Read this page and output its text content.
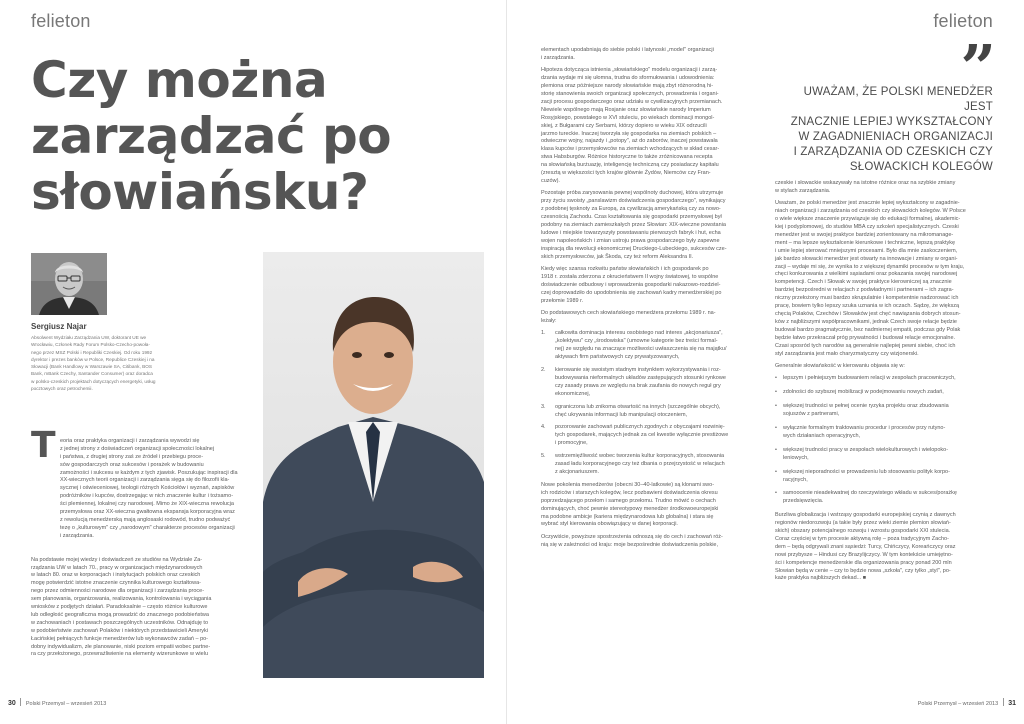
felieton
Czy można
zarządzać po
słowiańsku?
Sergiusz Najar
Absolwent Wydziału Zarządzania UW, doktorant UE we
Wrocławiu, Członek Rady Forum Polsko-Czecho-powoła-
nego przez MSZ Polski i Republiki Czeskiej. Od roku 1992
dyrektor i prezes banków w Polsce, Republice Czeskiej i na
Słowacji (Bank Handlowy w Warszawie SA, Citibank, BOS
Bank, mBank Czechy, Santander Consumer) oraz doradca
w polsko-czeskich projektach dotyczących energetyki, usług
pocztowych oraz petrochemii.
T eoria oraz praktyka organizacji i zarządzania wywodzi się
z jednej strony z doświadczeń organizacji społeczności lokalnej
i państwa, z drugiej strony zaś ze źródeł i przebiegu proce-
sów gospodarczych oraz sukcesów i porażek w budowaniu
zamożności i sukcesu w każdym z tych zjawisk. Poszukując inspiracji dla
XX-wiecznych teorii organizacji i zarządzania sięga się do filozofii kla-
sycznej i oświeceniowej, teologii różnych Kościołów i wyznań, zapisków
podróżników i kupców, dostrzegając w nich znaczenie kultur i tożsamo-
ści plemiennej, lokalnej czy narodowej. Mimo że XIX-wieczna rewolucja
przemysłowa oraz XX-wieczna gwałtowna ekspansja korporacyjna wraz
z rewolucją menedżerską mają anglosaski rodowód, trudno podważyć
tezę o „kulturowym" czy „narodowym" charakterze procesów organizacji
i zarządzania.

Na podstawie mojej wiedzy i doświadczeń ze studiów na Wydziale Za-
rządzania UW w latach 70., pracy w organizacjach międzynarodowych
w latach 80. oraz w korporacjach i instytucjach polskich oraz czeskich
mogę potwierdzić istotne znaczenie czynnika kulturowego kształtowa-
nego przez odmienności narodowe dla organizacji i zarządzania proce-
sem planowania, organizowania, realizowania, kontrolowania i wyciągania
wniosków z podjętych działań. Paradoksalnie – często różnice kulturowe
lub odległość geograficzna mogą prowadzić do znacznego podobieństwa
w zachowaniach i postawach poszczególnych uczestników. Odnajduję to
w podobieństwie zachowań Polaków i niektórych przedstawicieli Ameryki
Łacińskiej pełniących funkcje menedżerów lub wykonawców zadań – po-
dobny indywidualizm, złe planowanie, niski poziom empatii wobec partne-
ra czy przełożonego, przewrażliwienie na elementy wizerunkowe w wielu
30 Polski Przemysł – wrzesień 2013
felieton
elementach upodabniają do siebie polski i latynoski „model" organizacji
i zarządzania.
Hipoteza dotycząca istnienia „słowiańskiego" modelu organizacji i zarzą-
dzania wydaje mi się ułomna, trudna do sformułowania i udowodnienia:
plemiona oraz późniejsze narody słowiańskie mają zbyt różnorodną hi-
storię stanowienia swoich organizacji społecznych, prowadzenia i organi-
zacji procesu gospodarczego oraz udziału w cywilizacyjnych przemianach.
Niewiele wspólnego mają Rosjanie oraz słowiańskie narody Imperium
Rosyjskiego, powstałego w XVI stuleciu, po wiekach dominacji mongol-
skiej, z Bułgarami czy Serbami, którzy dopiero w wieku XIX odrzucili
jarzmo tureckie. Inaczej tworzyła się gospodarka na ziemiach polskich –
odwieczne wojny, najazdy i „potopy", aż do zaborów, inaczej powstawała
klasa kupców i przemysłowców na ziemiach wchodzących w skład cesar-
stwa Habsburgów. Różnice historyczne to także zróżnicowana recepta
na słowiańską burżuazję, inteligencję techniczną czy posiadaczy kapitału
(zresztą w większości tych krajów głównie Żydów, Niemców czy Fran-
cuzów).
Pozostaje próba zarysowania pewnej wspólnoty duchowej, która utrzymuje
przy życiu swoisty „panslawizm doświadczenia gospodarczego", wynikający
z podobnej tęsknoty za Europą, za cywilizacją amerykańską czy za nowo-
czesnością Zachodu. Czas kształtowania się gospodarki przemysłowej był
podobny na ziemiach zamieszkałych przez Słowian: XIX-wieczne powstania
ludowe i miejskie towarzyszyły powstawaniu pierwszych fabryk i hut, echa
wojen napoleońskich i zmian ustroju prawa gospodarczego były zapewne
inspiracją dla rewolucji ekonomicznej Druckiego-Lubeckiego, sukcesów cze-
skich przemysłowców, jak Škoda, czy też reform Aleksandra II.
Kiedy więc szansa rozkwitu państw słowiańskich i ich gospodarek po
1918 r. została zderzona z okrucieństwem II wojny światowej, to wspólne
doświadczenie odbudowy i wprowadzenia gospodarki nakazowo-rozdziel-
czej doprowadziło do upodobnienia się zachowań kadry menedżerskiej po
przełomie 1989 r.
Do podstawowych cech słowiańskiego menedżera przełomu 1989 r. na-
leżały:
1.	całkowita dominacja interesu osobistego nad interes „akcjonariusza",
„kolektywu" czy „środowiska" (umowne kategorie bez treści formal-
nej) ze względu na znaczące możliwości uwłaszczenia się na majątku/
aktywach firm państwowych czy prywatyzowanych,
2.	kierowanie się swoistym stadnym instynktem wykorzystywania i roz-
budowywania nieformalnych układów zastępujących stosunki rynkowe
czy zasady prawa ze względu na brak zaufania do nowych reguł gry
ekonomicznej,
3.	ograniczona lub znikoma otwartość na innych (szczególnie obcych),
chęć ukrywania informacji lub manipulacji otoczeniem,
4.	pozorowanie zachowań publicznych zgodnych z obyczajami rozwinię-
tych gospodarek, mających jednak za cel kwestie wyłącznie prestiżowe
i promocyjne,
5.	wstrzemięźliwość wobec tworzenia kultur korporacyjnych, stosowania
zasad ładu korporacyjnego czy też dbania o przejrzystość w relacjach
z akcjonariuszem.
Nowe pokolenia menedżerów (obecni 30–40-latkowie) są klonami swo-
ich rodziców i starszych kolegów, lecz pozbawieni doświadczenia okresu
poprzedzającego przełom i samego przełomu. Trudno mówić o cechach
dominujących, choć pewnie stereotypowy menedżer środkowoeuropejski
ma podobne ambicje (kariera międzynarodowa lub globalna) i stara się
wybrać styl kierowania obowiązujący w danej korporacji.
Oczywiście, powyższe spostrzeżenia odnoszą się do cech i zachowań róż-
nią się w zależności od kraju: moje bezpośrednie doświadczenia polskie,
”
UWAŻAM, ŻE POLSKI MENEDŻER JEST
ZNACZNIE LEPIEJ WYKSZTAŁCONY
W ZAGADNIENIACH ORGANIZACJI
I ZARZĄDZANIA OD CZESKICH CZY
SŁOWACKICH KOLEGÓW
czeskie i słowackie wskazywały na istotne różnice oraz na szybkie zmiany
w stylach zarządzania.
Uważam, że polski menedżer jest znacznie lepiej wykształcony w zagadnie-
niach organizacji i zarządzania od czeskich czy słowackich kolegów. W Polsce
o wiele większe znaczenie przywiązuje się do edukacji formalnej, akademic-
kiej i podyplomowej, do studiów MBA czy szkoleń specjalistycznych. Czeski
menedżer jest w swojej praktyce bardziej zorientowany na mikromanage-
ment – ma lepsze wykształcenie kierunkowe i techniczne, lepszą praktykę
i umie lepiej sterować mniejszymi procesami. Było dla mnie zaskoczeniem,
jak bardzo słowacki menedżer jest otwarty na innowacje i zmiany w organi-
zacji – wydaje mi się, że wynika to z większej dynamiki procesów w tym kraju,
chęci konkurowania z wielkimi sąsiadami oraz pokazania swojej narodowej
kompetencji. Czech i Słowak w swojej praktyce kierowniczej są znacznie
bardziej bezpośredni w relacjach z podwładnymi i partnerami – ich zagra-
niczny przełożony musi bardzo skrupulatnie i kompetentnie nadzorować ich
pracę, bowiem tylko lepszy szuka uznania w ich oczach. Sądzę, że większą
chęcią Polaków, Czechów i Słowaków jest chęć nawiązania dobrych stosun-
ków z najbliższymi współpracownikami, jednak Czech swoje relacje będzie
budował bardzo pragmatycznie, bez nadmiernej empatii, podczas gdy Polak
będzie łatwo przekraczał próg prywatności i budował relacje emocjonalne.
Czasi sposród tych narodów są generalnie najlepiej pewni siebie, choć ich
styl zarządzania jest mało charyzmatyczny czy wizjonerski.
Generalnie słowiańskość w kierowaniu objawia się w:
•	lepszym i pełniejszym budowaniem relacji w zespołach pracowniczych,
•	zdolności do szybszej mobilizacji w podejmowaniu nowych zadań,
•	większej trudności w pełnej ocenie ryzyka projektu oraz zbudowania
sojuszów z partnerami,
•	wyłącznie formalnym traktowaniu procedur i procesów przy rutyno-
wych działaniach operacyjnych,
•	większej trudności pracy w zespołach wielokulturowych i wielopoko-
leniowych,
•	większej nieporadności w prowadzeniu lub stosowaniu polityk korpo-
racyjnych,
•	samoocenie nieadekwatnej do rzeczywistego wkładu w sukces/porażkę
przedsięwzięcia.
Burzliwa globalizacja i wstrząsy gospodarki europejskiej czynią z dawnych
regionów niedorozwoju (a takie były przez wieki ziemie plemion słowiań-
skich) obszary potencjalnego rozwoju i wzrostu gospodarki XXI stulecia.
Coraz częściej w tym procesie aktywną rolę – poza tradycyjnym Zacho-
dem – będą odgrywali znani sąsiedzi: Turcy, Chińczycy, Koreańczycy oraz
nowi przybysze – Hindusi czy Brazylijczycy. W tym kontekście umiejętno-
ści i kompetencje menedżerskie dla organizowania pracy ponad 200 mln
Słowian będą w cenie – czy to będzie nowa „szkoła", czy tylko „styl", po-
każe praktyka najbliższych dekad... ■
Polski Przemysł – wrzesień 2013 31
